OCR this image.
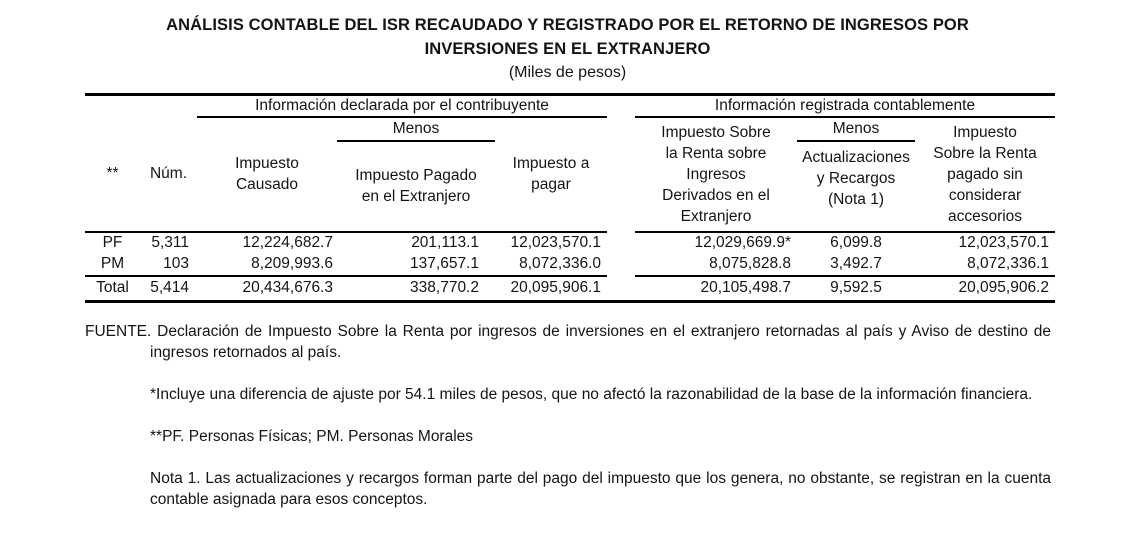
ANÁLISIS CONTABLE DEL ISR RECAUDADO Y REGISTRADO POR EL RETORNO DE INGRESOS POR
INVERSIONES EN EL EXTRANJERO
(Miles de pesos)
		Información declarada por el contribuyente				Información registrada contablemente		
**	Núm.	Impuesto Causado	Menos	Impuesto a pagar		Impuesto Sobre la Renta sobre Ingresos Derivados en el Extranjero	Menos	Impuesto Sobre la Renta pagado sin considerar accesorios
			Impuesto Pagado en el Extranjero				Actualizaciones y Recargos (Nota 1)	
PF	5,311	12,224,682.7	201,113.1	12,023,570.1		12,029,669.9*	6,099.8	12,023,570.1
PM	103	8,209,993.6	137,657.1	8,072,336.0		8,075,828.8	3,492.7	8,072,336.1
Total	5,414	20,434,676.3	338,770.2	20,095,906.1		20,105,498.7	9,592.5	20,095,906.2

FUENTE. Declaración de Impuesto Sobre la Renta por ingresos de inversiones en el extranjero retornadas al país y Aviso de destino de ingresos retornados al país.

*Incluye una diferencia de ajuste por 54.1 miles de pesos, que no afectó la razonabilidad de la base de la información financiera.

**PF. Personas Físicas; PM. Personas Morales

Nota 1. Las actualizaciones y recargos forman parte del pago del impuesto que los genera, no obstante, se registran en la cuenta contable asignada para esos conceptos.
